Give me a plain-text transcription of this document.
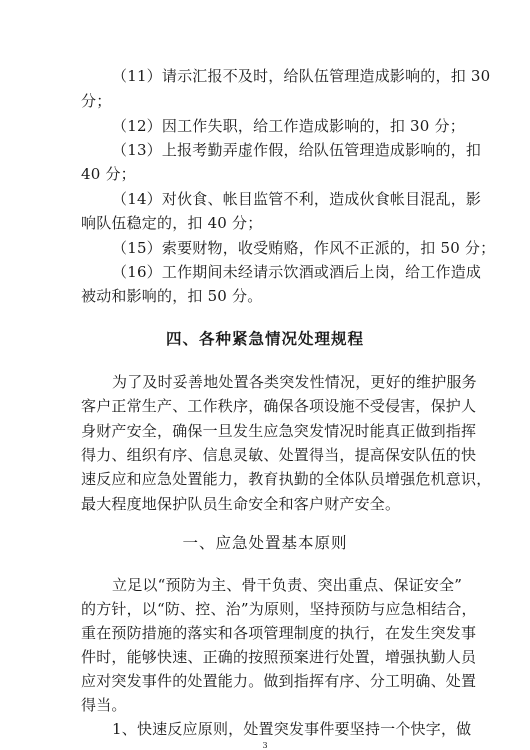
（11）请示汇报不及时，给队伍管理造成影响的，扣 30
分；
（12）因工作失职，给工作造成影响的，扣 30 分；
（13）上报考勤弄虚作假，给队伍管理造成影响的，扣
40 分；
（14）对伙食、帐目监管不利，造成伙食帐目混乱，影
响队伍稳定的，扣 40 分；
（15）索要财物，收受贿赂，作风不正派的，扣 50 分；
（16）工作期间未经请示饮酒或酒后上岗，给工作造成
被动和影响的，扣 50 分。
四、各种紧急情况处理规程
为了及时妥善地处置各类突发性情况，更好的维护服务
客户正常生产、工作秩序，确保各项设施不受侵害，保护人
身财产安全，确保一旦发生应急突发情况时能真正做到指挥
得力、组织有序、信息灵敏、处置得当，提高保安队伍的快
速反应和应急处置能力，教育执勤的全体队员增强危机意识，
最大程度地保护队员生命安全和客户财产安全。
一、应急处置基本原则
立足以“预防为主、骨干负责、突出重点、保证安全”
的方针，以“防、控、治”为原则，坚持预防与应急相结合，
重在预防措施的落实和各项管理制度的执行，在发生突发事
件时，能够快速、正确的按照预案进行处置，增强执勤人员
应对突发事件的处置能力。做到指挥有序、分工明确、处置
得当。
1、快速反应原则，处置突发事件要坚持一个快字，做
3
